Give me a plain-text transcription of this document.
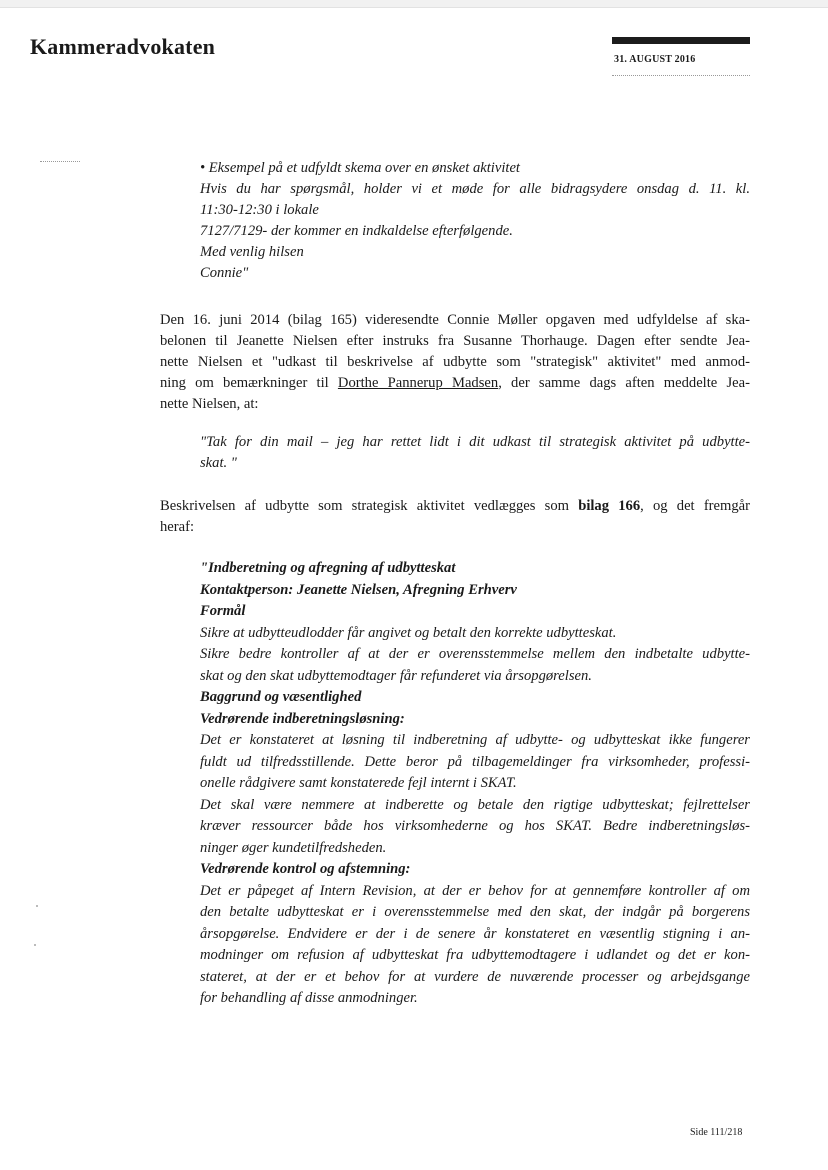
Kammeradvokaten
31. AUGUST 2016

• Eksempel på et udfyldt skema over en ønsket aktivitet

Hvis du har spørgsmål, holder vi et møde for alle bidragsydere onsdag d. 11. kl.

11:30-12:30 i lokale

7127/7129- der kommer en indkaldelse efterfølgende.

Med venlig hilsen

Connie"

Den 16. juni 2014 (bilag 165) videresendte Connie Møller opgaven med udfyldelse af ska-

belonen til Jeanette Nielsen efter instruks fra Susanne Thorhauge. Dagen efter sendte Jea-

nette Nielsen et "udkast til beskrivelse af udbytte som "strategisk" aktivitet" med anmod-

ning om bemærkninger til Dorthe Pannerup Madsen, der samme dags aften meddelte Jea-

nette Nielsen, at:

"Tak for din mail – jeg har rettet lidt i dit udkast til strategisk aktivitet på udbytte-

skat. "

Beskrivelsen af udbytte som strategisk aktivitet vedlægges som bilag 166, og det fremgår

heraf:

"Indberetning og afregning af udbytteskat

Kontaktperson: Jeanette Nielsen, Afregning Erhverv

Formål

Sikre at udbytteudlodder får angivet og betalt den korrekte udbytteskat.

Sikre bedre kontroller af at der er overensstemmelse mellem den indbetalte udbytte-

skat og den skat udbyttemodtager får refunderet via årsopgørelsen.

Baggrund og væsentlighed

Vedrørende indberetningsløsning:

Det er konstateret at løsning til indberetning af udbytte- og udbytteskat ikke fungerer

fuldt ud tilfredsstillende. Dette beror på tilbagemeldinger fra virksomheder, professi-

onelle rådgivere samt konstaterede fejl internt i SKAT.

Det skal være nemmere at indberette og betale den rigtige udbytteskat; fejlrettelser

kræver ressourcer både hos virksomhederne og hos SKAT. Bedre indberetningsløs-

ninger øger kundetilfredsheden.

Vedrørende kontrol og afstemning:

Det er påpeget af Intern Revision, at der er behov for at gennemføre kontroller af om

den betalte udbytteskat er i overensstemmelse med den skat, der indgår på borgerens

årsopgørelse. Endvidere er der i de senere år konstateret en væsentlig stigning i an-

modninger om refusion af udbytteskat fra udbyttemodtagere i udlandet og det er kon-

stateret, at der er et behov for at vurdere de nuværende processer og arbejdsgange

for behandling af disse anmodninger.

Side 111/218
